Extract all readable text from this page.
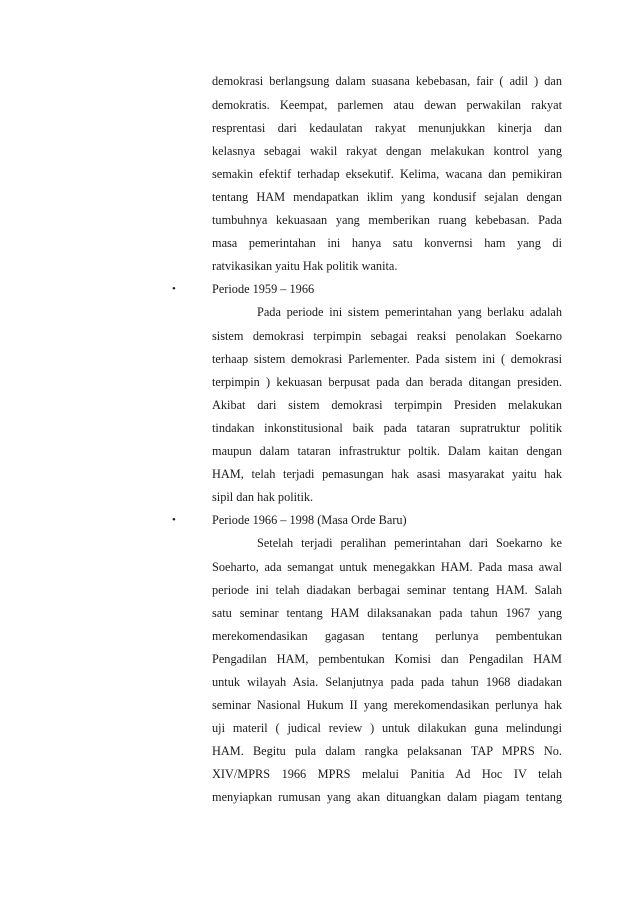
demokrasi berlangsung dalam suasana kebebasan, fair ( adil ) dan
demokratis. Keempat, parlemen atau dewan perwakilan rakyat
resprentasi dari kedaulatan rakyat menunjukkan kinerja dan
kelasnya sebagai wakil rakyat dengan melakukan kontrol yang
semakin efektif terhadap eksekutif. Kelima, wacana dan pemikiran
tentang HAM mendapatkan iklim yang kondusif sejalan dengan
tumbuhnya kekuasaan yang memberikan ruang kebebasan. Pada
masa pemerintahan ini hanya satu konvernsi ham yang di
ratvikasikan yaitu Hak politik wanita.
•	Periode 1959 – 1966
Pada periode ini sistem pemerintahan yang berlaku adalah
sistem demokrasi terpimpin sebagai reaksi penolakan Soekarno
terhaap sistem demokrasi Parlementer. Pada sistem ini ( demokrasi
terpimpin ) kekuasan berpusat pada dan berada ditangan presiden.
Akibat dari sistem demokrasi terpimpin Presiden melakukan
tindakan inkonstitusional baik pada tataran supratruktur politik
maupun dalam tataran infrastruktur poltik. Dalam kaitan dengan
HAM, telah terjadi pemasungan hak asasi masyarakat yaitu hak
sipil dan hak politik.
•	Periode 1966 – 1998 (Masa Orde Baru)
Setelah terjadi peralihan pemerintahan dari Soekarno ke
Soeharto, ada semangat untuk menegakkan HAM. Pada masa awal
periode ini telah diadakan berbagai seminar tentang HAM. Salah
satu seminar tentang HAM dilaksanakan pada tahun 1967 yang
merekomendasikan gagasan tentang perlunya pembentukan
Pengadilan HAM, pembentukan Komisi dan Pengadilan HAM
untuk wilayah Asia. Selanjutnya pada pada tahun 1968 diadakan
seminar Nasional Hukum II yang merekomendasikan perlunya hak
uji materil ( judical review ) untuk dilakukan guna melindungi
HAM. Begitu pula dalam rangka pelaksanan TAP MPRS No.
XIV/MPRS 1966 MPRS melalui Panitia Ad Hoc IV telah
menyiapkan rumusan yang akan dituangkan dalam piagam tentang
